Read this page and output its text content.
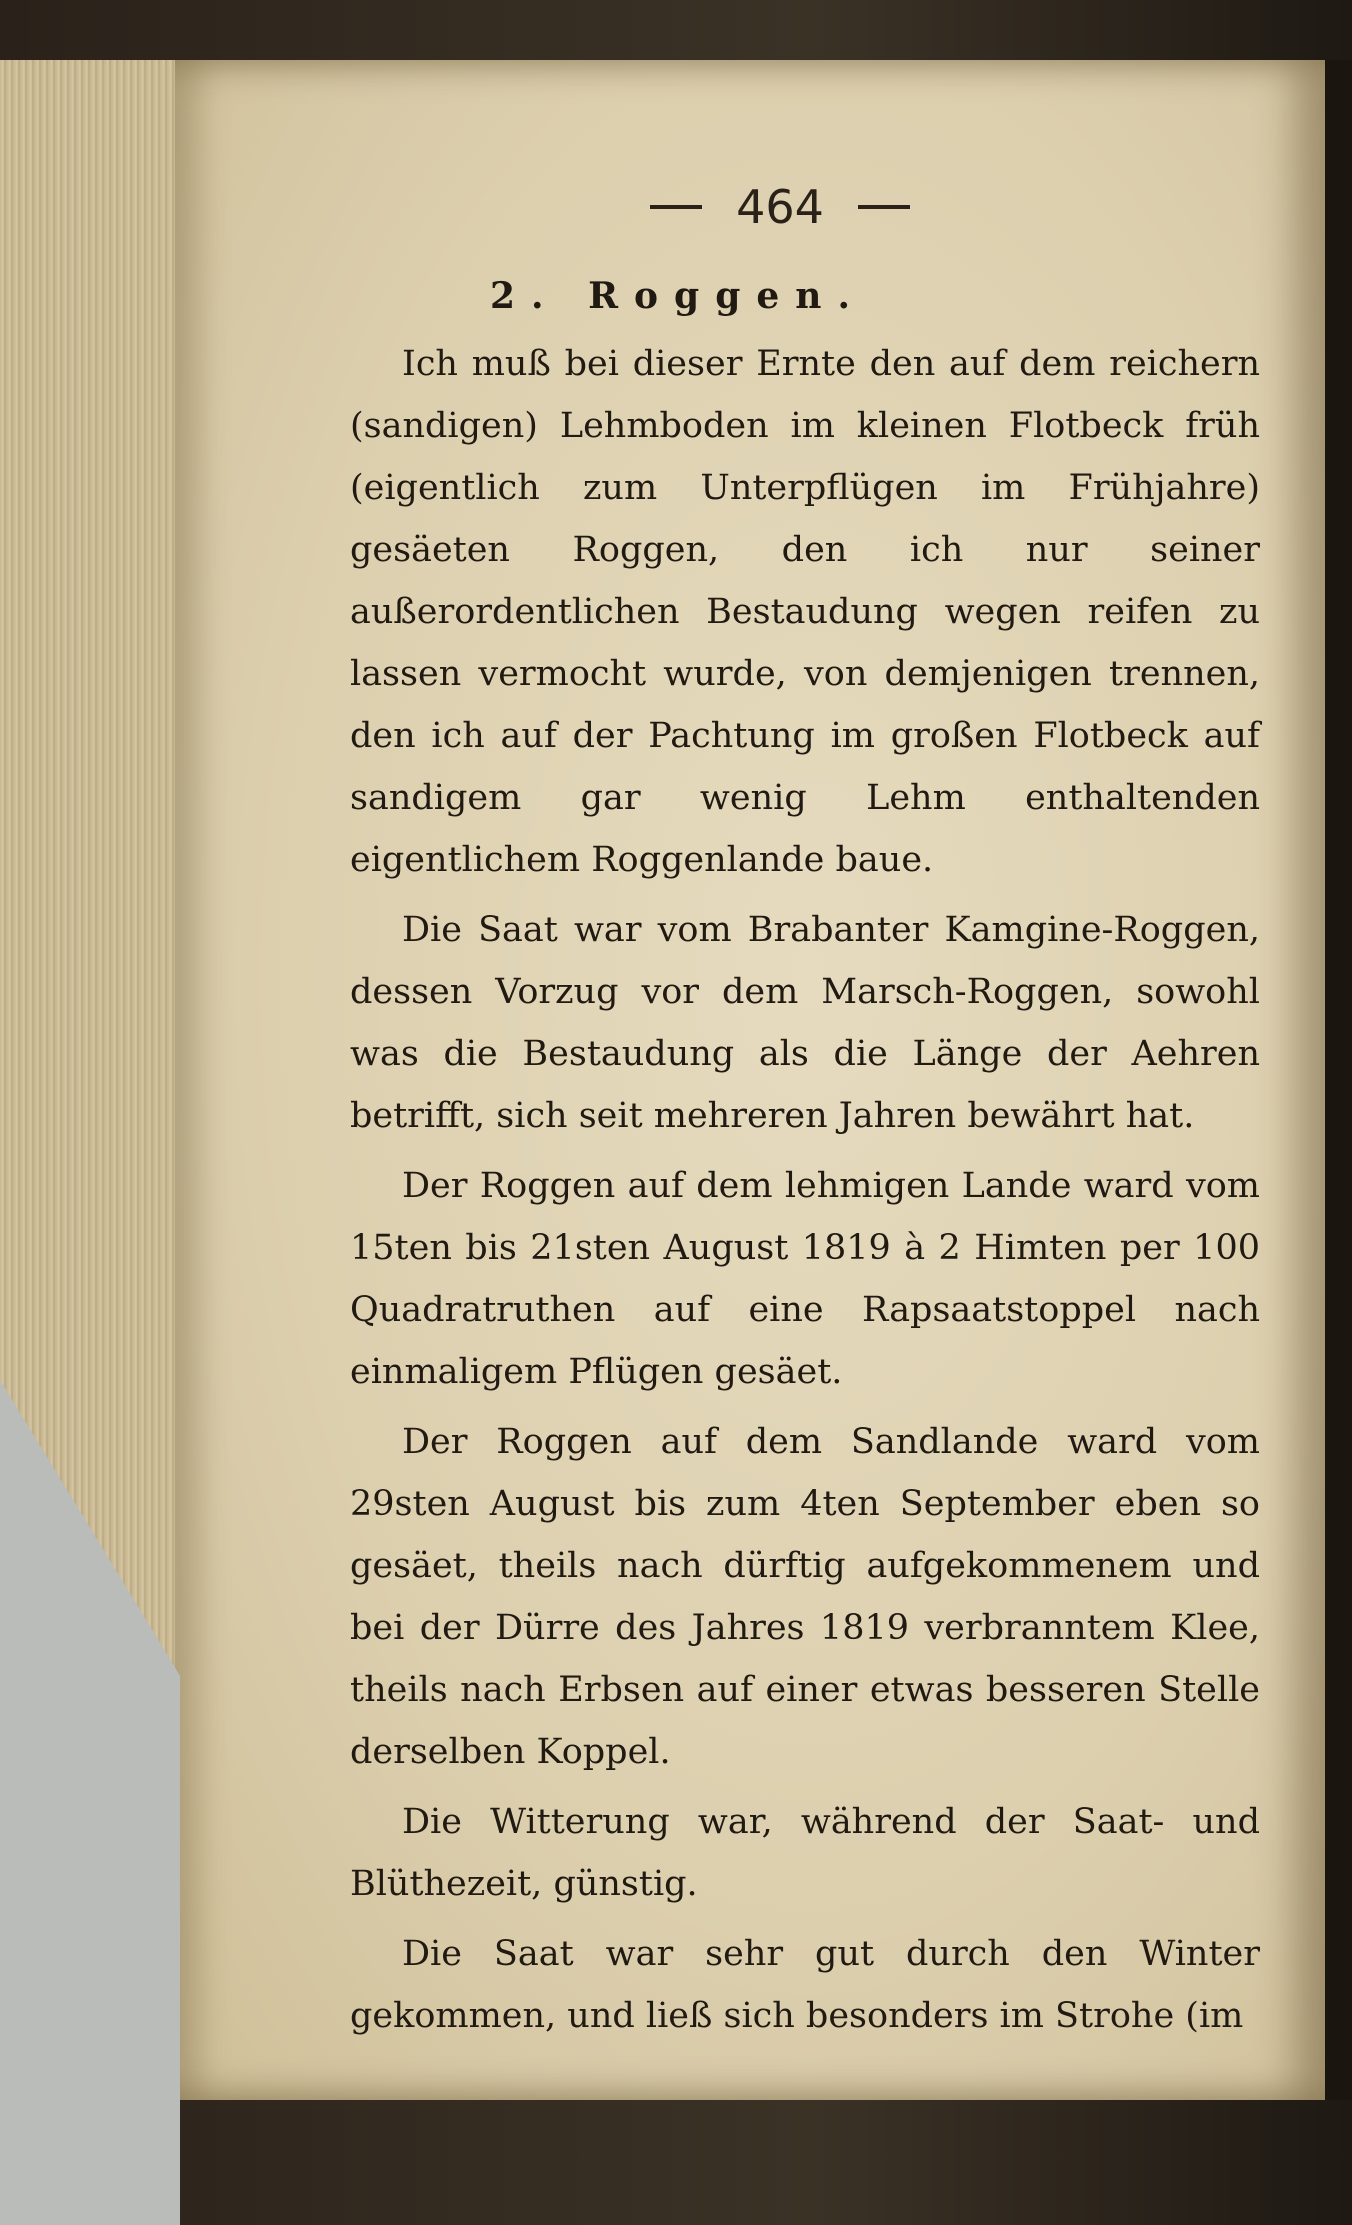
464

2. Roggen.

Ich muß bei dieser Ernte den auf dem reichern (sandigen) Lehmboden im kleinen Flotbeck früh (eigentlich zum Unterpflügen im Frühjahre) gesäeten Roggen, den ich nur seiner außerordentlichen Bestaudung wegen reifen zu lassen vermocht wurde, von demjenigen trennen, den ich auf der Pachtung im großen Flotbeck auf sandigem gar wenig Lehm enthaltenden eigentlichem Roggenlande baue.

Die Saat war vom Brabanter Kamgine-Roggen, dessen Vorzug vor dem Marsch-Roggen, sowohl was die Bestaudung als die Länge der Aehren betrifft, sich seit mehreren Jahren bewährt hat.

Der Roggen auf dem lehmigen Lande ward vom 15ten bis 21sten August 1819 à 2 Himten per 100 Quadratruthen auf eine Rapsaatstoppel nach einmaligem Pflügen gesäet.

Der Roggen auf dem Sandlande ward vom 29sten August bis zum 4ten September eben so gesäet, theils nach dürftig aufgekommenem und bei der Dürre des Jahres 1819 verbranntem Klee, theils nach Erbsen auf einer etwas besseren Stelle derselben Koppel.

Die Witterung war, während der Saat- und Blüthezeit, günstig.

Die Saat war sehr gut durch den Winter gekommen, und ließ sich besonders im Strohe (im
